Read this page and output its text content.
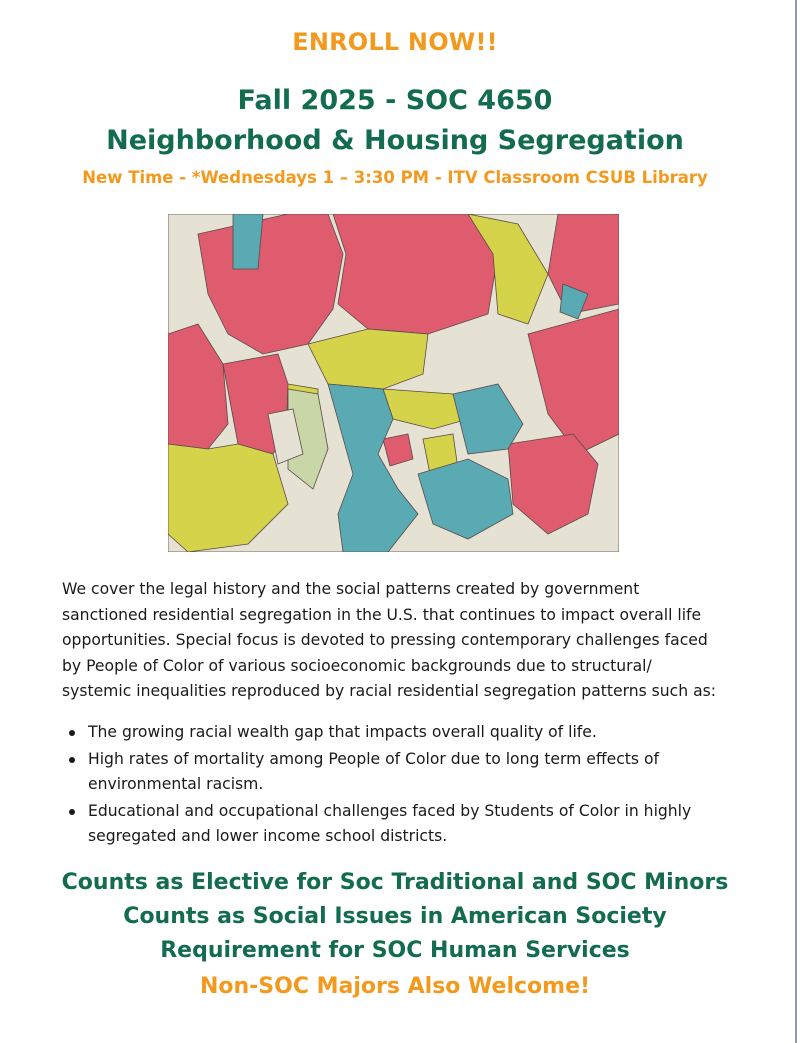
ENROLL NOW!!

Fall 2025 - SOC 4650

Neighborhood & Housing Segregation

New Time - *Wednesdays 1 – 3:30 PM - ITV Classroom CSUB Library

We cover the legal history and the social patterns created by government
sanctioned residential segregation in the U.S. that continues to impact overall life
opportunities. Special focus is devoted to pressing contemporary challenges faced
by People of Color of various socioeconomic backgrounds due to structural/
systemic inequalities reproduced by racial residential segregation patterns such as:

The growing racial wealth gap that impacts overall quality of life.
High rates of mortality among People of Color due to long term effects of
environmental racism.
Educational and occupational challenges faced by Students of Color in highly
segregated and lower income school districts.

Counts as Elective for Soc Traditional and SOC Minors

Counts as Social Issues in American Society

Requirement for SOC Human Services

Non-SOC Majors Also Welcome!
